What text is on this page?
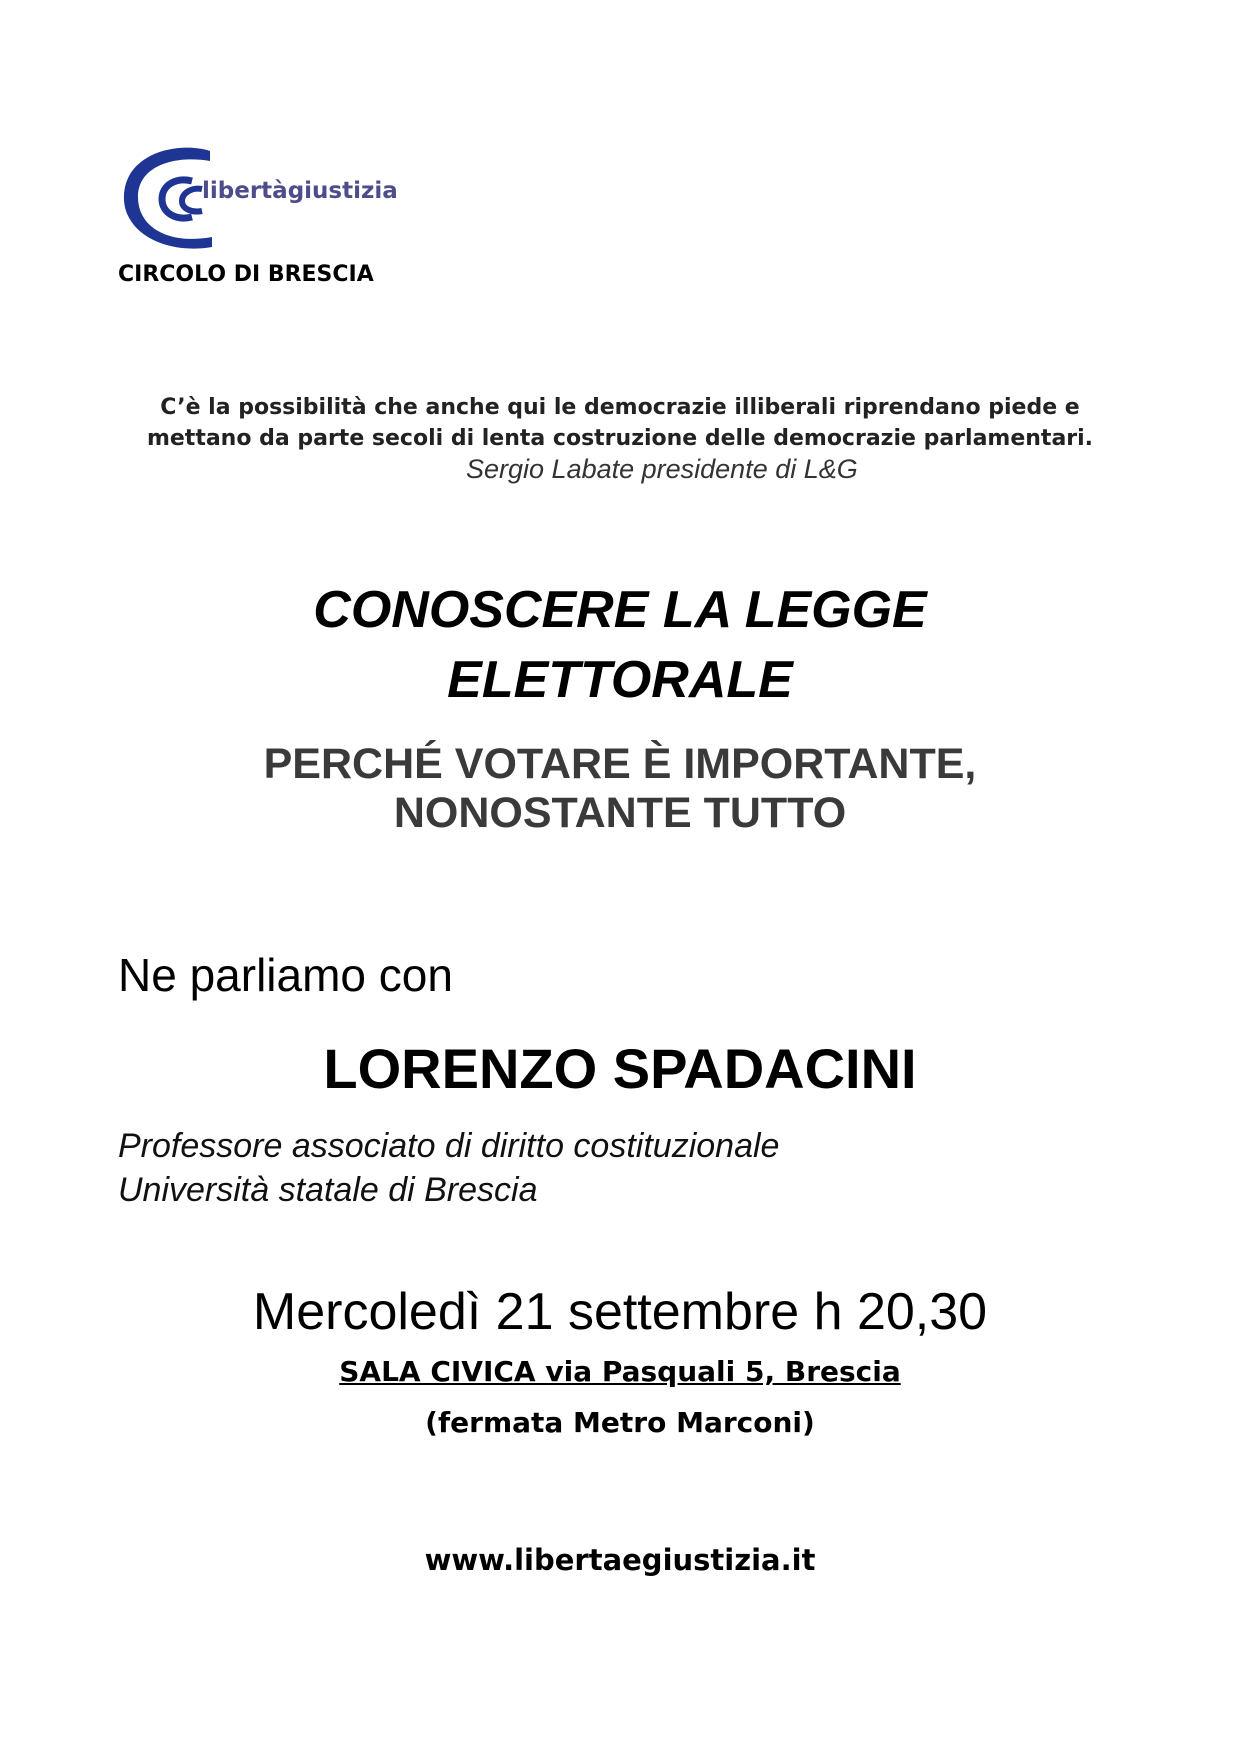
libertàgiustizia
CIRCOLO DI BRESCIA
C’è la possibilità che anche qui le democrazie illiberali riprendano piede e
mettano da parte secoli di lenta costruzione delle democrazie parlamentari.
Sergio Labate presidente di L&G
CONOSCERE LA LEGGE
ELETTORALE
PERCHÉ VOTARE È IMPORTANTE,
NONOSTANTE TUTTO
Ne parliamo con
LORENZO SPADACINI
Professore associato di diritto costituzionale
Università statale di Brescia
Mercoledì 21 settembre h 20,30
SALA CIVICA via Pasquali 5, Brescia
(fermata Metro Marconi)
www.libertaegiustizia.it
